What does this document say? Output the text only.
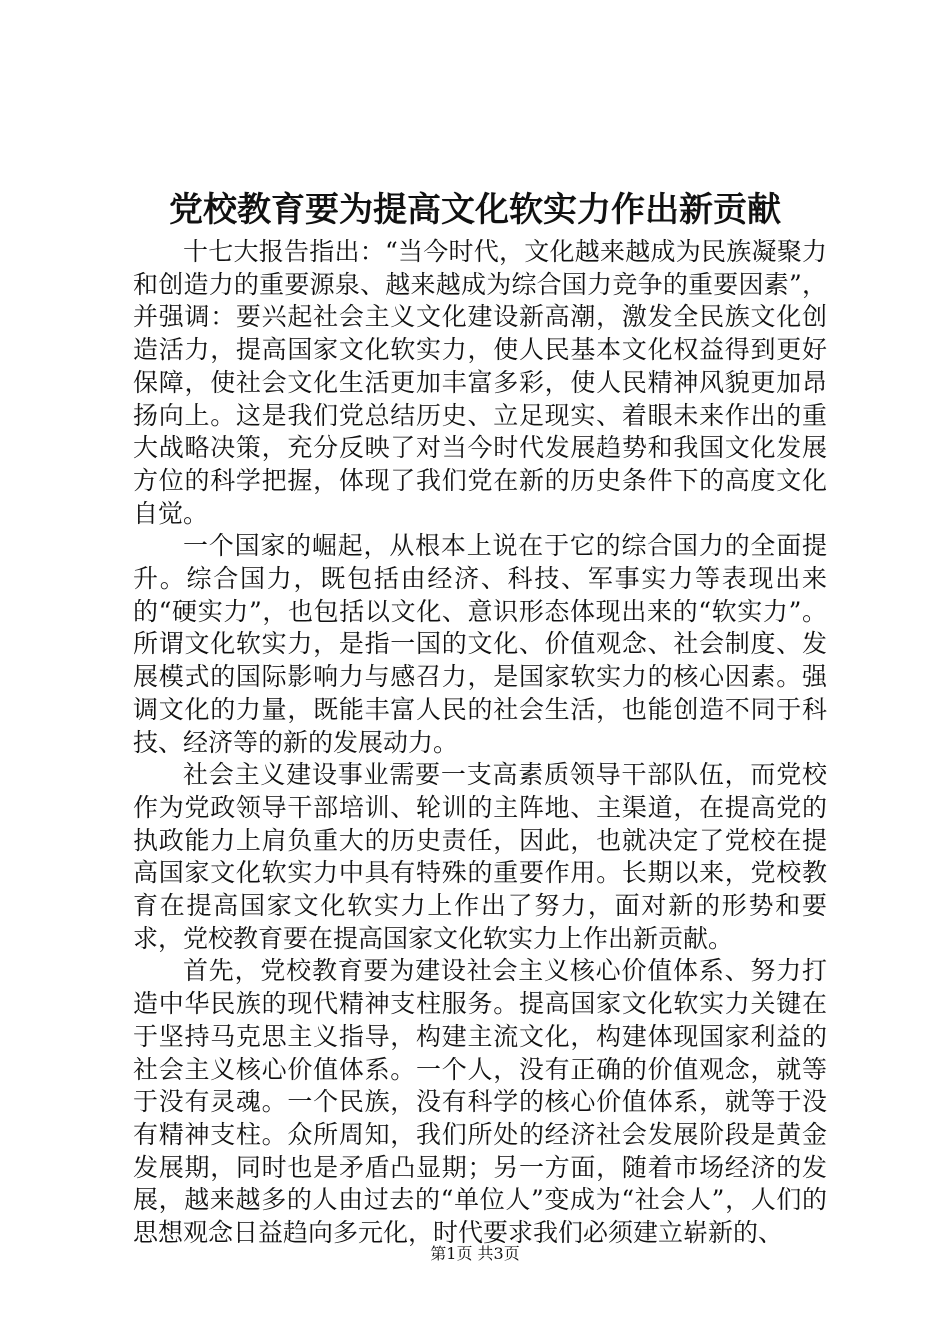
党校教育要为提高文化软实力作出新贡献

十七大报告指出：“当今时代，文化越来越成为民族凝聚力和创造力的重要源泉、越来越成为综合国力竞争的重要因素”，并强调：要兴起社会主义文化建设新高潮，激发全民族文化创造活力，提高国家文化软实力，使人民基本文化权益得到更好保障，使社会文化生活更加丰富多彩，使人民精神风貌更加昂扬向上。这是我们党总结历史、立足现实、着眼未来作出的重大战略决策，充分反映了对当今时代发展趋势和我国文化发展方位的科学把握，体现了我们党在新的历史条件下的高度文化自觉。

一个国家的崛起，从根本上说在于它的综合国力的全面提升。综合国力，既包括由经济、科技、军事实力等表现出来的“硬实力”，也包括以文化、意识形态体现出来的“软实力”。所谓文化软实力，是指一国的文化、价值观念、社会制度、发展模式的国际影响力与感召力，是国家软实力的核心因素。强调文化的力量，既能丰富人民的社会生活，也能创造不同于科技、经济等的新的发展动力。

社会主义建设事业需要一支高素质领导干部队伍，而党校作为党政领导干部培训、轮训的主阵地、主渠道，在提高党的执政能力上肩负重大的历史责任，因此，也就决定了党校在提高国家文化软实力中具有特殊的重要作用。长期以来，党校教育在提高国家文化软实力上作出了努力，面对新的形势和要求，党校教育要在提高国家文化软实力上作出新贡献。

首先，党校教育要为建设社会主义核心价值体系、努力打造中华民族的现代精神支柱服务。提高国家文化软实力关键在于坚持马克思主义指导，构建主流文化，构建体现国家利益的社会主义核心价值体系。一个人，没有正确的价值观念，就等于没有灵魂。一个民族，没有科学的核心价值体系，就等于没有精神支柱。众所周知，我们所处的经济社会发展阶段是黄金发展期，同时也是矛盾凸显期；另一方面，随着市场经济的发展，越来越多的人由过去的“单位人”变成为“社会人”，人们的思想观念日益趋向多元化，时代要求我们必须建立崭新的、

第1页 共3页
